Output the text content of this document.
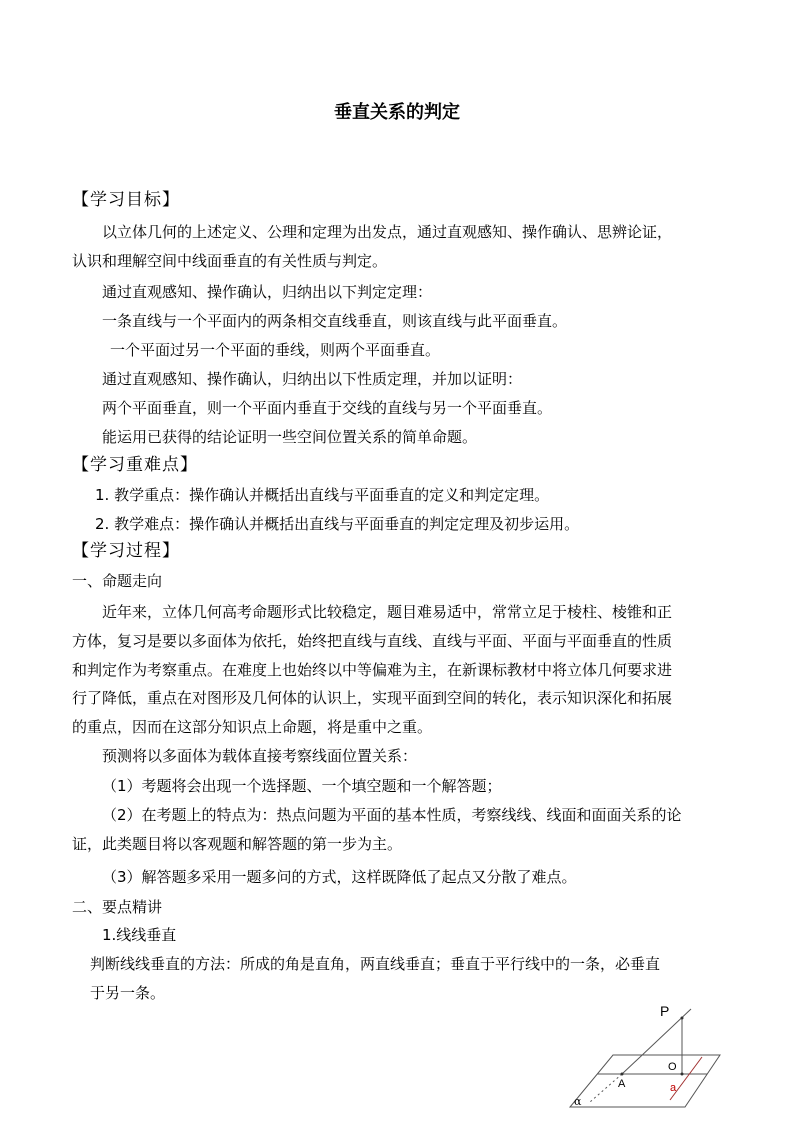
垂直关系的判定
【学习目标】
以立体几何的上述定义、公理和定理为出发点，通过直观感知、操作确认、思辨论证，
认识和理解空间中线面垂直的有关性质与判定。
通过直观感知、操作确认，归纳出以下判定定理：
一条直线与一个平面内的两条相交直线垂直，则该直线与此平面垂直。
一个平面过另一个平面的垂线，则两个平面垂直。
通过直观感知、操作确认，归纳出以下性质定理，并加以证明：
两个平面垂直，则一个平面内垂直于交线的直线与另一个平面垂直。
能运用已获得的结论证明一些空间位置关系的简单命题。
【学习重难点】
1. 教学重点：操作确认并概括出直线与平面垂直的定义和判定定理。
2. 教学难点：操作确认并概括出直线与平面垂直的判定定理及初步运用。
【学习过程】
一、命题走向
近年来，立体几何高考命题形式比较稳定，题目难易适中，常常立足于棱柱、棱锥和正
方体，复习是要以多面体为依托，始终把直线与直线、直线与平面、平面与平面垂直的性质
和判定作为考察重点。在难度上也始终以中等偏难为主，在新课标教材中将立体几何要求进
行了降低，重点在对图形及几何体的认识上，实现平面到空间的转化，表示知识深化和拓展
的重点，因而在这部分知识点上命题，将是重中之重。
预测将以多面体为载体直接考察线面位置关系：
（1）考题将会出现一个选择题、一个填空题和一个解答题；
（2）在考题上的特点为：热点问题为平面的基本性质，考察线线、线面和面面关系的论
证，此类题目将以客观题和解答题的第一步为主。
（3）解答题多采用一题多问的方式，这样既降低了起点又分散了难点。
二、要点精讲
1.线线垂直
判断线线垂直的方法：所成的角是直角，两直线垂直；垂直于平行线中的一条，必垂直
于另一条。
P
O
A	a
α
